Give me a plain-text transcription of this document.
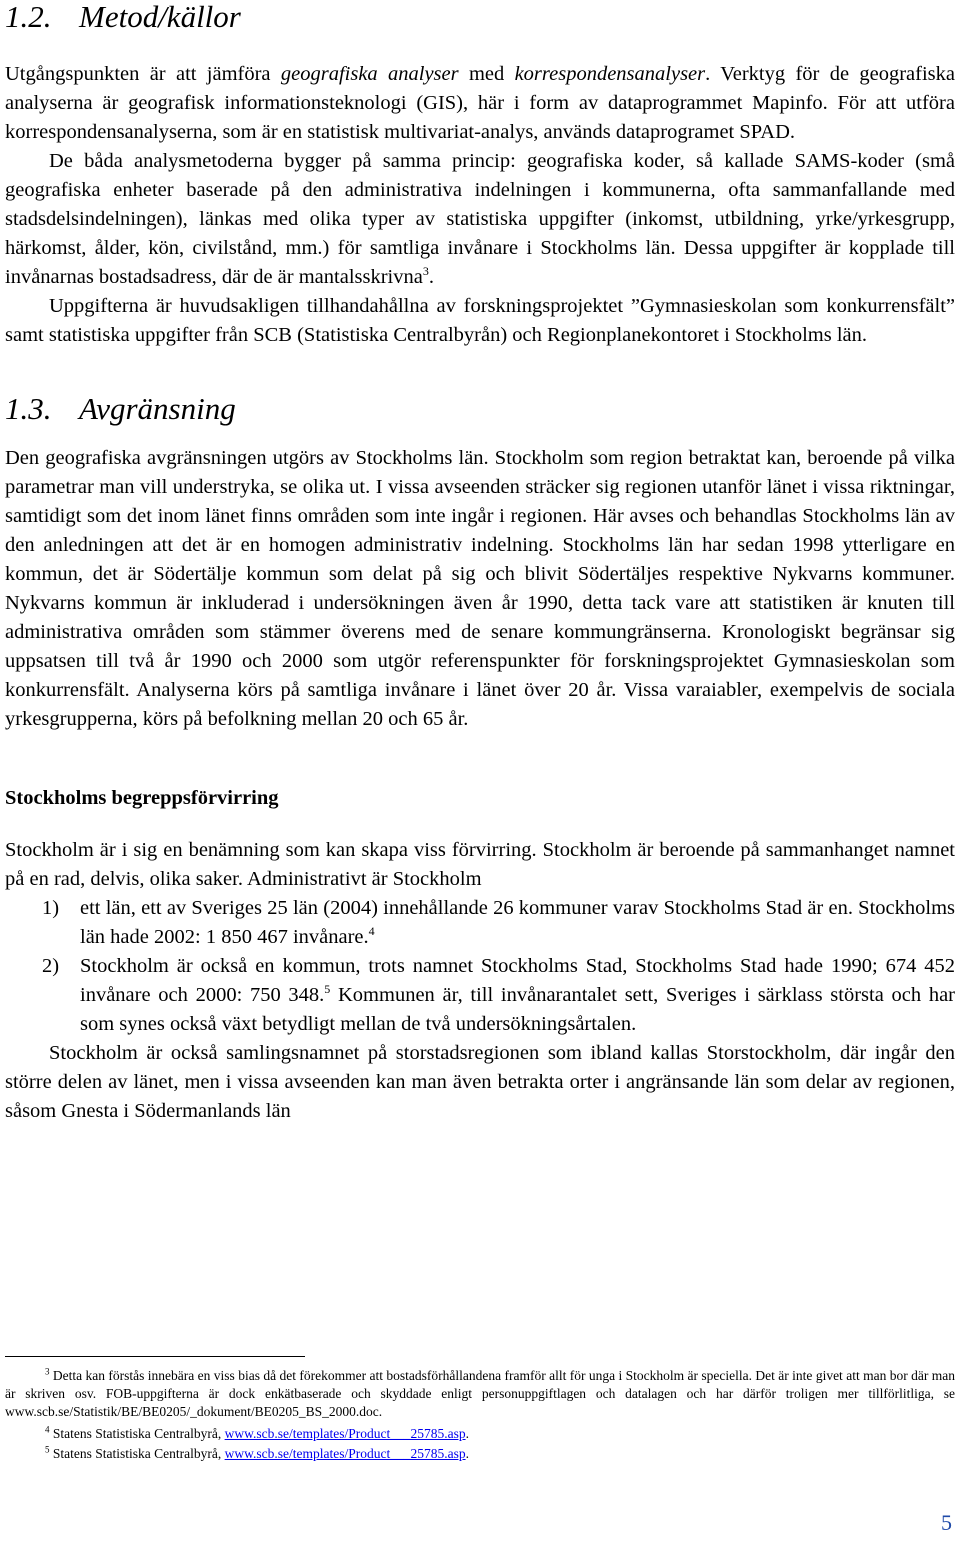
1.2. Metod/källor

Utgångspunkten är att jämföra geografiska analyser med korrespondensanalyser. Verktyg för de geografiska analyserna är geografisk informationsteknologi (GIS), här i form av dataprogrammet Mapinfo. För att utföra korrespondensanalyserna, som är en statistisk multivariat-analys, används dataprogramet SPAD.

De båda analysmetoderna bygger på samma princip: geografiska koder, så kallade SAMS-koder (små geografiska enheter baserade på den administrativa indelningen i kommunerna, ofta sammanfallande med stadsdelsindelningen), länkas med olika typer av statistiska uppgifter (inkomst, utbildning, yrke/yrkesgrupp, härkomst, ålder, kön, civilstånd, mm.) för samtliga invånare i Stockholms län. Dessa uppgifter är kopplade till invånarnas bostadsadress, där de är mantalsskrivna$^3$.

Uppgifterna är huvudsakligen tillhandahållna av forskningsprojektet ”Gymnasieskolan som konkurrensfält” samt statistiska uppgifter från SCB (Statistiska Centralbyrån) och Regionplanekontoret i Stockholms län.

1.3. Avgränsning

Den geografiska avgränsningen utgörs av Stockholms län. Stockholm som region betraktat kan, beroende på vilka parametrar man vill understryka, se olika ut. I vissa avseenden sträcker sig regionen utanför länet i vissa riktningar, samtidigt som det inom länet finns områden som inte ingår i regionen. Här avses och behandlas Stockholms län av den anledningen att det är en homogen administrativ indelning. Stockholms län har sedan 1998 ytterligare en kommun, det är Södertälje kommun som delat på sig och blivit Södertäljes respektive Nykvarns kommuner. Nykvarns kommun är inkluderad i undersökningen även år 1990, detta tack vare att statistiken är knuten till administrativa områden som stämmer överens med de senare kommungränserna. Kronologiskt begränsar sig uppsatsen till två år 1990 och 2000 som utgör referenspunkter för forskningsprojektet Gymnasieskolan som konkurrensfält. Analyserna körs på samtliga invånare i länet över 20 år. Vissa varaiabler, exempelvis de sociala yrkesgrupperna, körs på befolkning mellan 20 och 65 år.

Stockholms begreppsförvirring

Stockholm är i sig en benämning som kan skapa viss förvirring. Stockholm är beroende på sammanhanget namnet på en rad, delvis, olika saker. Administrativt är Stockholm

1) ett län, ett av Sveriges 25 län (2004) innehållande 26 kommuner varav Stockholms Stad är en. Stockholms län hade 2002: 1 850 467 invånare.$^4$
2) Stockholm är också en kommun, trots namnet Stockholms Stad, Stockholms Stad hade 1990; 674 452 invånare och 2000: 750 348.$^5$ Kommunen är, till invånarantalet sett, Sveriges i särklass största och har som synes också växt betydligt mellan de två undersökningsårtalen.

Stockholm är också samlingsnamnet på storstadsregionen som ibland kallas Storstockholm, där ingår den större delen av länet, men i vissa avseenden kan man även betrakta orter i angränsande län som delar av regionen, såsom Gnesta i Södermanlands län

$^3$ Detta kan förstås innebära en viss bias då det förekommer att bostadsförhållandena framför allt för unga i Stockholm är speciella. Det är inte givet att man bor där man är skriven osv. FOB-uppgifterna är dock enkätbaserade och skyddade enligt personuppgiftlagen och datalagen och har därför troligen mer tillförlitliga, se www.scb.se/Statistik/BE/BE0205/_dokument/BE0205_BS_2000.doc.
$^4$ Statens Statistiska Centralbyrå, www.scb.se/templates/Product___25785.asp.
$^5$ Statens Statistiska Centralbyrå, www.scb.se/templates/Product___25785.asp.
5
